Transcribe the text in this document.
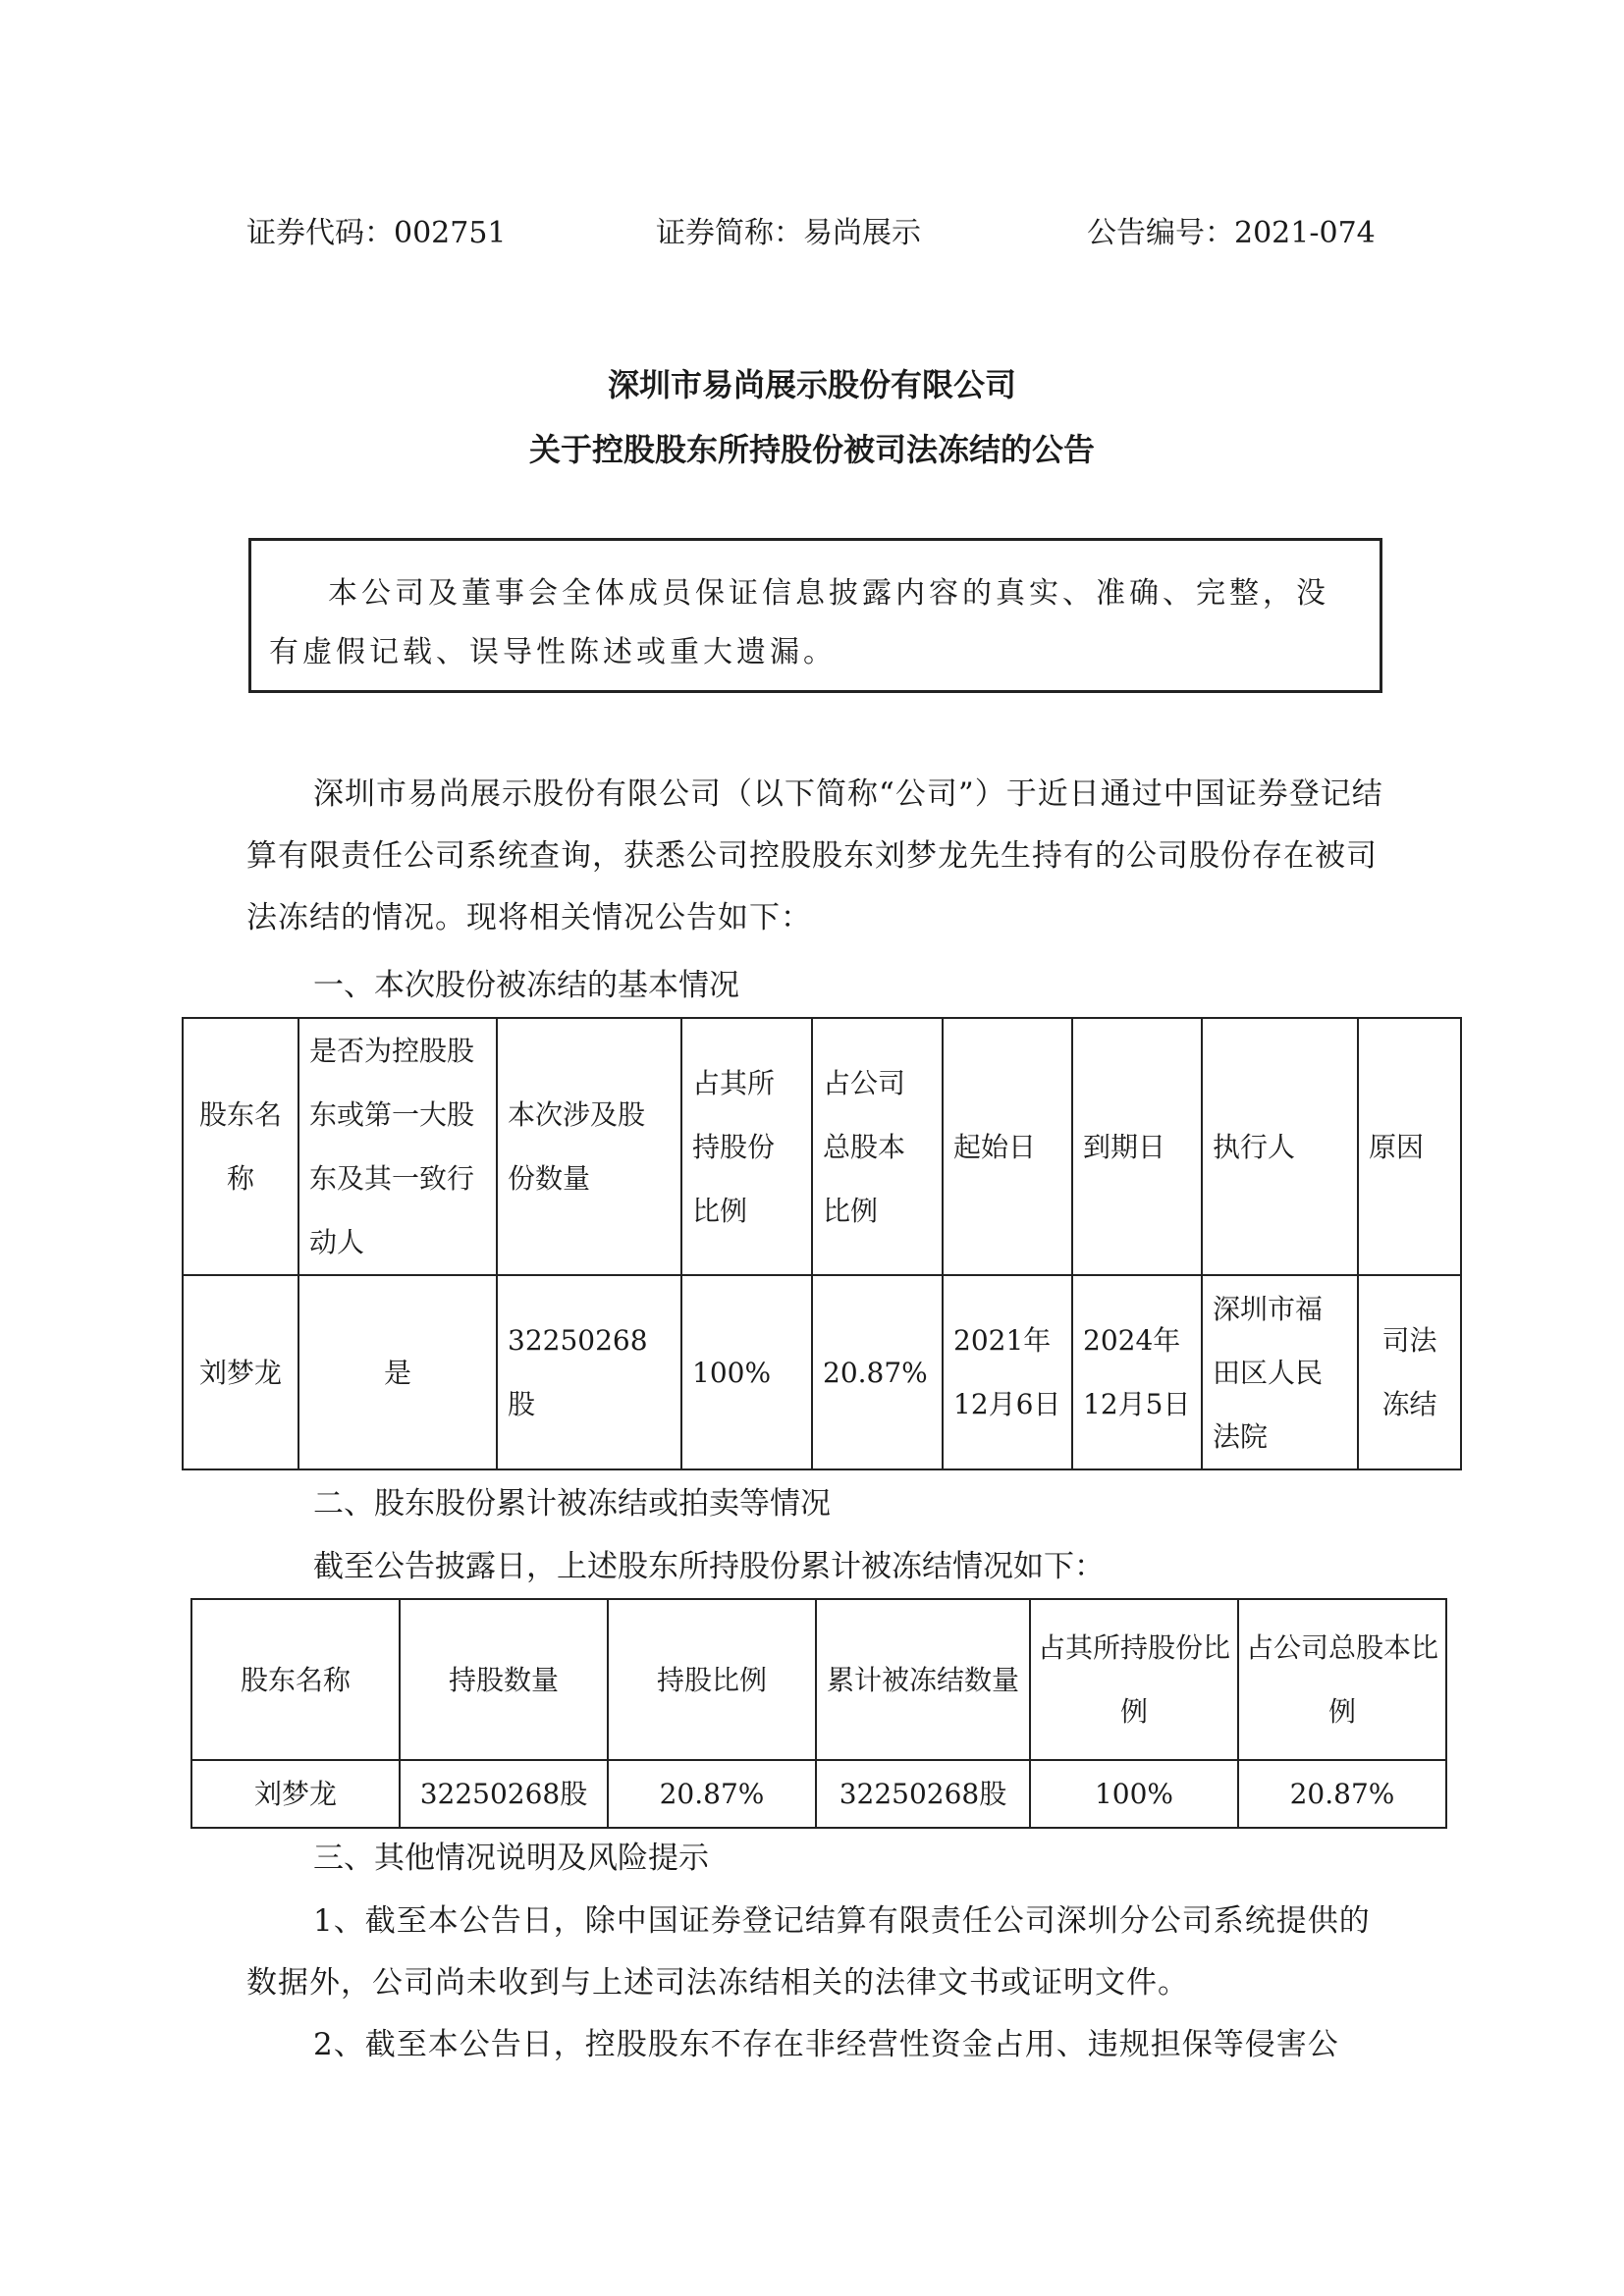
证券代码：002751	证券简称：易尚展示	公告编号：2021-074
深圳市易尚展示股份有限公司
关于控股股东所持股份被司法冻结的公告
本公司及董事会全体成员保证信息披露内容的真实、准确、完整，没有虚假记载、误导性陈述或重大遗漏。
深圳市易尚展示股份有限公司（以下简称“公司”）于近日通过中国证券登记结算有限责任公司系统查询，获悉公司控股股东刘梦龙先生持有的公司股份存在被司法冻结的情况。现将相关情况公告如下：
一、本次股份被冻结的基本情况
股东名称	是否为控股股东或第一大股东及其一致行动人	本次涉及股份数量	占其所持股份比例	占公司总股本比例	起始日	到期日	执行人	原因
刘梦龙	是	32250268股	100%	20.87%	2021年12月6日	2024年12月5日	深圳市福田区人民法院	司法冻结
二、股东股份累计被冻结或拍卖等情况
截至公告披露日，上述股东所持股份累计被冻结情况如下：
股东名称	持股数量	持股比例	累计被冻结数量	占其所持股份比例	占公司总股本比例
刘梦龙	32250268股	20.87%	32250268股	100%	20.87%
三、其他情况说明及风险提示
1、截至本公告日，除中国证券登记结算有限责任公司深圳分公司系统提供的数据外，公司尚未收到与上述司法冻结相关的法律文书或证明文件。
2、截至本公告日，控股股东不存在非经营性资金占用、违规担保等侵害公
